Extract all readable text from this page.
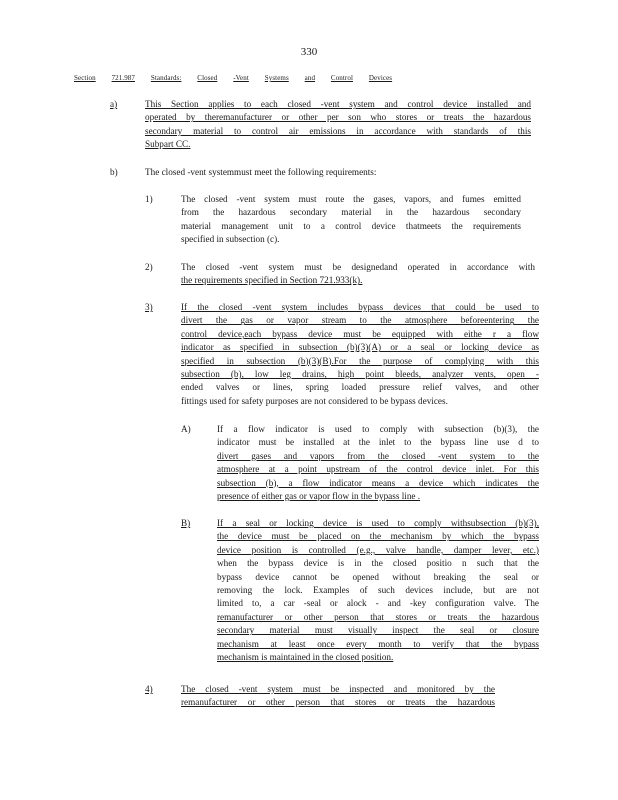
330
Section 721.987 Standards: Closed -Vent Systems and Control Devices
a)	This Section applies to each closed -vent system and control device installed and
operated by theremanufacturer or other per son who stores or treats the hazardous
secondary material to control air emissions in accordance with standards of this
Subpart CC.
b)	The closed -vent systemmust meet the following requirements:
1)	The closed -vent system must route the gases, vapors, and fumes emitted
from the hazardous secondary material in the hazardous secondary
material management unit to a control device thatmeets the requirements
specified in subsection (c).
2)	The closed -vent system must be designedand operated in accordance with
the requirements specified in Section 721.933(k).
3)	If the closed -vent system includes bypass devices that could be used to
divert the gas or vapor stream to the atmosphere beforeentering the
control device,each bypass device must be equipped with eithe r a flow
indicator as specified in subsection (b)(3)(A) or a seal or locking device as
specified in subsection (b)(3)(B).For the purpose of complying with this
subsection (b), low leg drains, high point bleeds, analyzer vents, open -
ended valves or lines, spring loaded pressure relief valves, and other
fittings used for safety purposes are not considered to be bypass devices.
A)	If a flow indicator is used to comply with subsection (b)(3), the
indicator must be installed at the inlet to the bypass line use d to
divert gases and vapors from the closed -vent system to the
atmosphere at a point upstream of the control device inlet. For this
subsection (b), a flow indicator means a device which indicates the
presence of either gas or vapor flow in the bypass line .
B)	If a seal or locking device is used to comply withsubsection (b)(3),
the device must be placed on the mechanism by which the bypass
device position is controlled (e.g., valve handle, damper lever, etc.)
when the bypass device is in the closed positio n such that the
bypass device cannot be opened without breaking the seal or
removing the lock. Examples of such devices include, but are not
limited to, a car -seal or alock - and -key configuration valve. The
remanufacturer or other person that stores or treats the hazardous
secondary material must visually inspect the seal or closure
mechanism at least once every month to verify that the bypass
mechanism is maintained in the closed position.
4)	The closed -vent system must be inspected and monitored by the
remanufacturer or other person that stores or treats the hazardous
